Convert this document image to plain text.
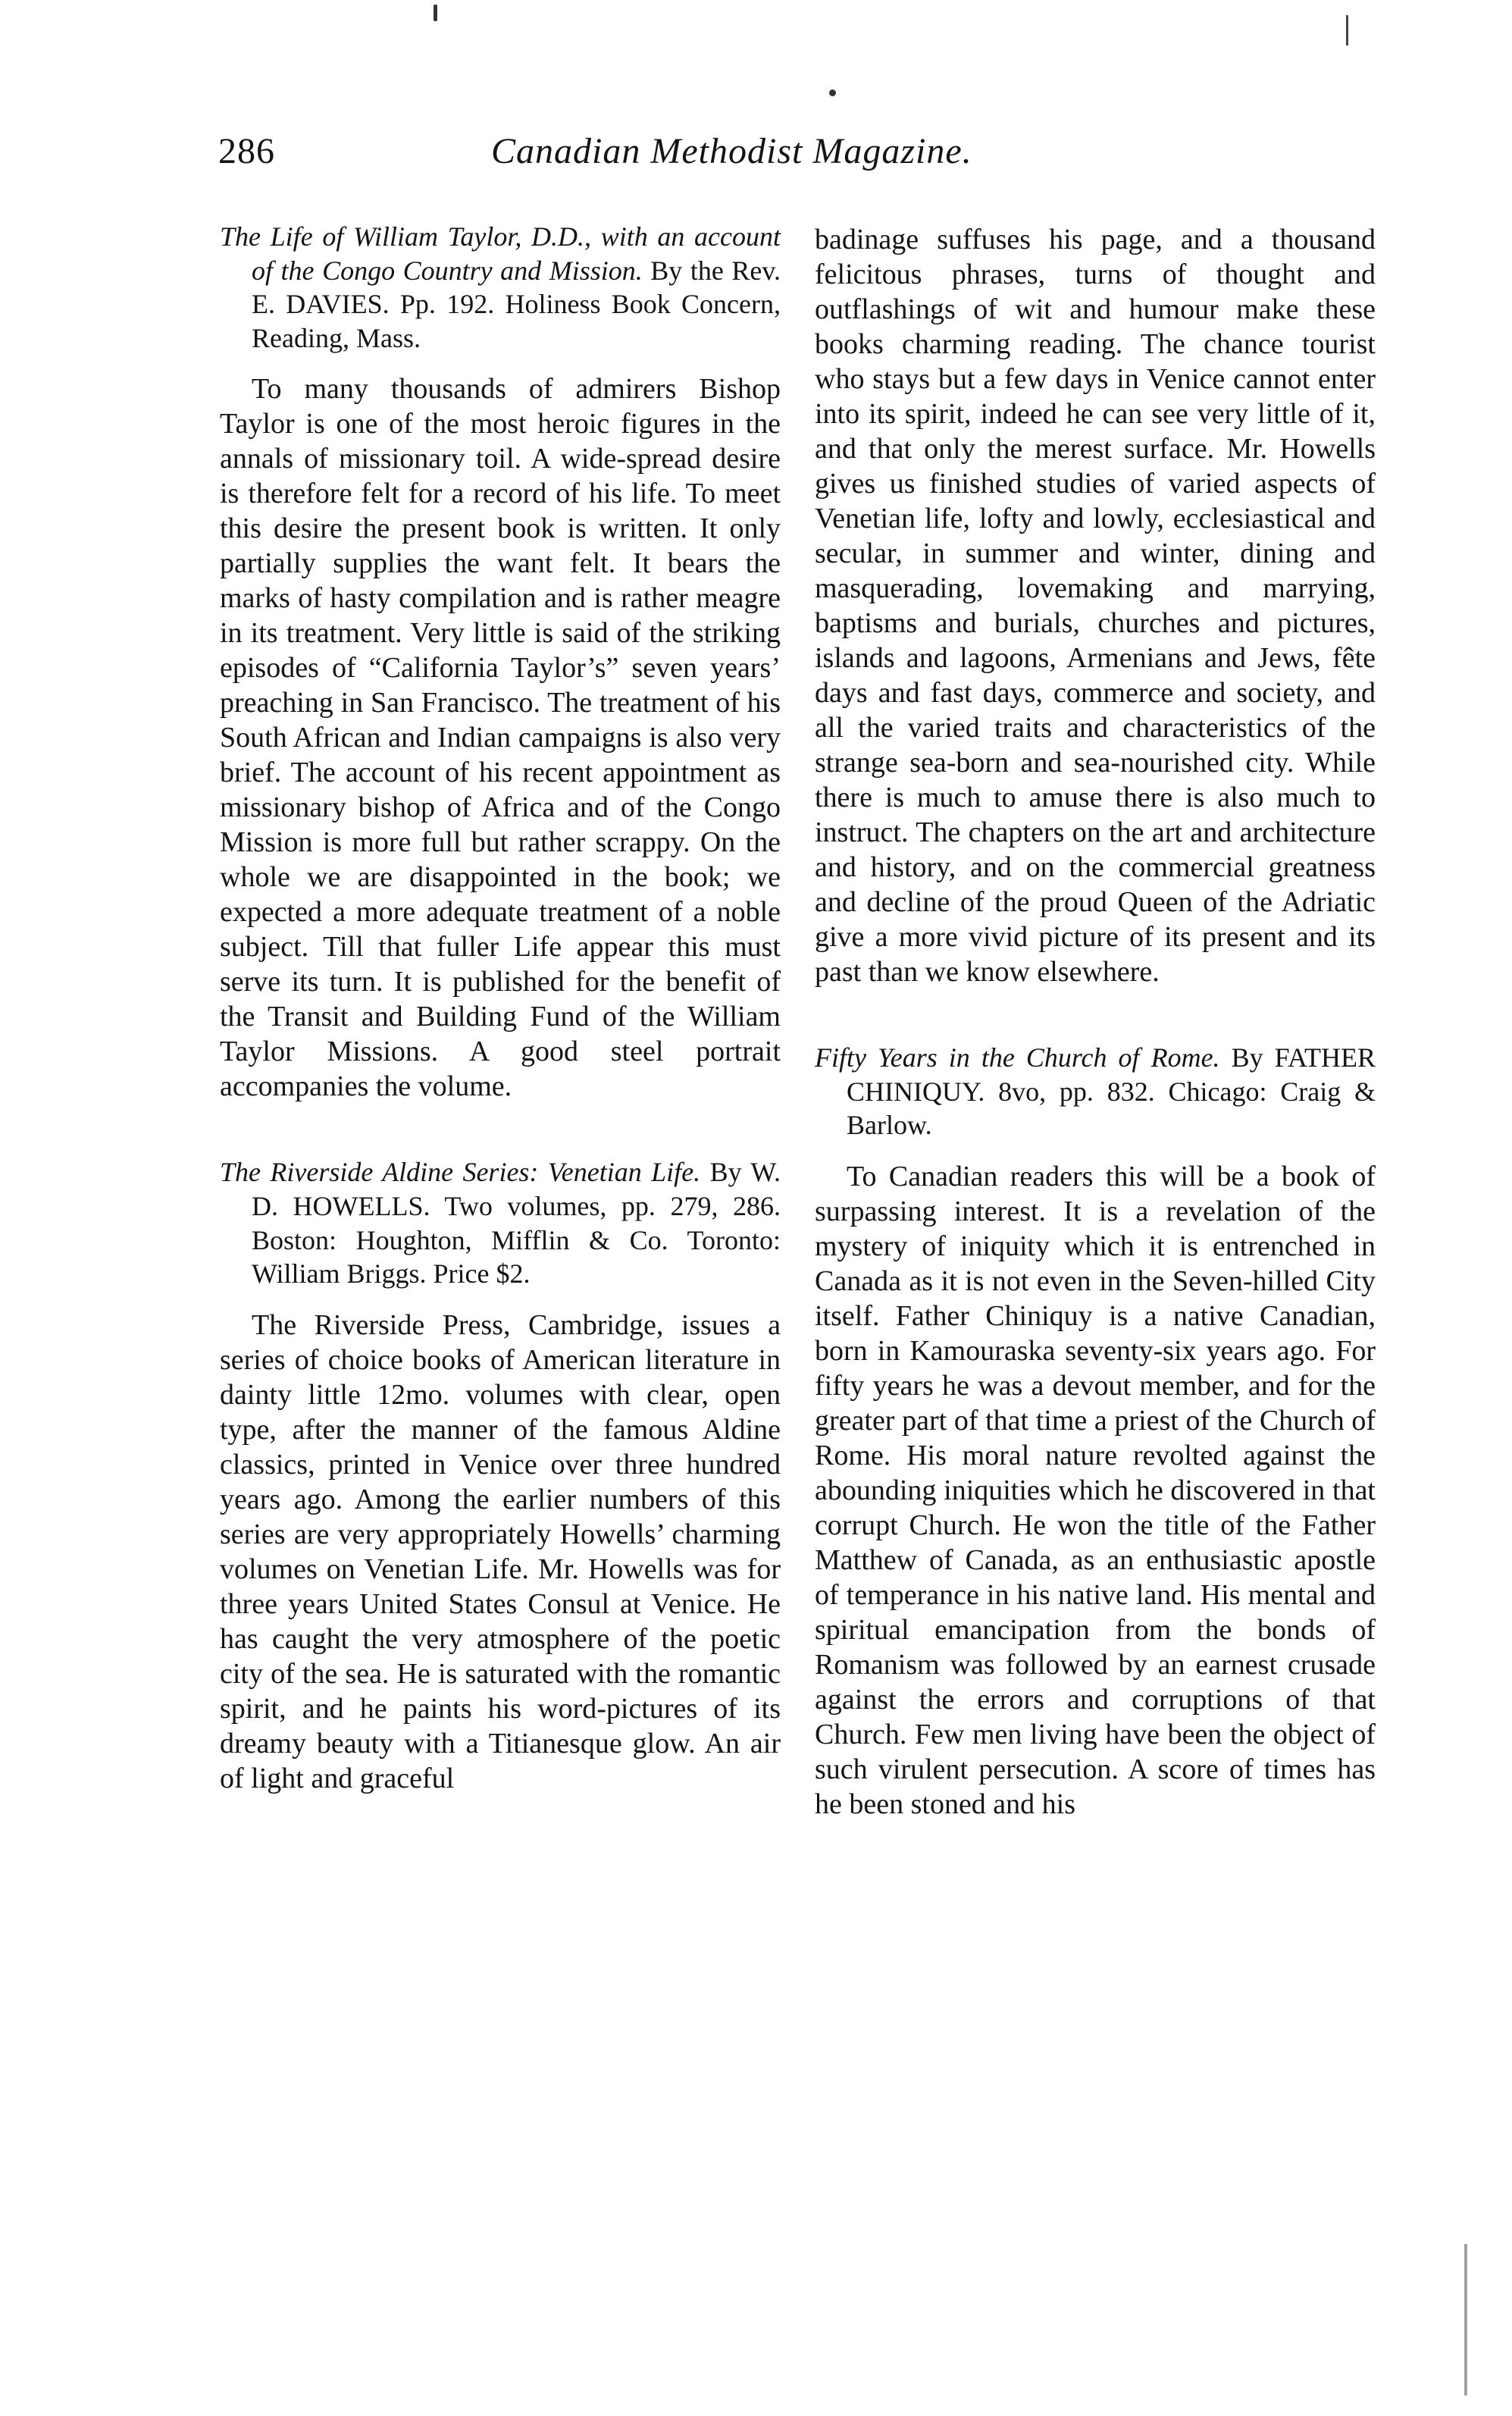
286	Canadian Methodist Magazine.
The Life of William Taylor, D.D., with an account of the Congo Country and Mission. By the Rev. E. DAVIES. Pp. 192. Holiness Book Concern, Reading, Mass.

To many thousands of admirers Bishop Taylor is one of the most heroic figures in the annals of missionary toil. A wide-spread desire is therefore felt for a record of his life. To meet this desire the present book is written. It only partially supplies the want felt. It bears the marks of hasty compilation and is rather meagre in its treatment. Very little is said of the striking episodes of “California Taylor’s” seven years’ preaching in San Francisco. The treatment of his South African and Indian campaigns is also very brief. The account of his recent appointment as missionary bishop of Africa and of the Congo Mission is more full but rather scrappy. On the whole we are disappointed in the book; we expected a more adequate treatment of a noble subject. Till that fuller Life appear this must serve its turn. It is published for the benefit of the Transit and Building Fund of the William Taylor Missions. A good steel portrait accompanies the volume.

The Riverside Aldine Series: Venetian Life. By W. D. HOWELLS. Two volumes, pp. 279, 286. Boston: Houghton, Mifflin & Co. Toronto: William Briggs. Price $2.

The Riverside Press, Cambridge, issues a series of choice books of American literature in dainty little 12mo. volumes with clear, open type, after the manner of the famous Aldine classics, printed in Venice over three hundred years ago. Among the earlier numbers of this series are very appropriately Howells’ charming volumes on Venetian Life. Mr. Howells was for three years United States Consul at Venice. He has caught the very atmosphere of the poetic city of the sea. He is saturated with the romantic spirit, and he paints his word-pictures of its dreamy beauty with a Titianesque glow. An air of light and graceful

badinage suffuses his page, and a thousand felicitous phrases, turns of thought and outflashings of wit and humour make these books charming reading. The chance tourist who stays but a few days in Venice cannot enter into its spirit, indeed he can see very little of it, and that only the merest surface. Mr. Howells gives us finished studies of varied aspects of Venetian life, lofty and lowly, ecclesiastical and secular, in summer and winter, dining and masquerading, lovemaking and marrying, baptisms and burials, churches and pictures, islands and lagoons, Armenians and Jews, fête days and fast days, commerce and society, and all the varied traits and characteristics of the strange sea-born and sea-nourished city. While there is much to amuse there is also much to instruct. The chapters on the art and architecture and history, and on the commercial greatness and decline of the proud Queen of the Adriatic give a more vivid picture of its present and its past than we know elsewhere.

Fifty Years in the Church of Rome. By FATHER CHINIQUY. 8vo, pp. 832. Chicago: Craig & Barlow.

To Canadian readers this will be a book of surpassing interest. It is a revelation of the mystery of iniquity which it is entrenched in Canada as it is not even in the Seven-hilled City itself. Father Chiniquy is a native Canadian, born in Kamouraska seventy-six years ago. For fifty years he was a devout member, and for the greater part of that time a priest of the Church of Rome. His moral nature revolted against the abounding iniquities which he discovered in that corrupt Church. He won the title of the Father Matthew of Canada, as an enthusiastic apostle of temperance in his native land. His mental and spiritual emancipation from the bonds of Romanism was followed by an earnest crusade against the errors and corruptions of that Church. Few men living have been the object of such virulent persecution. A score of times has he been stoned and his
